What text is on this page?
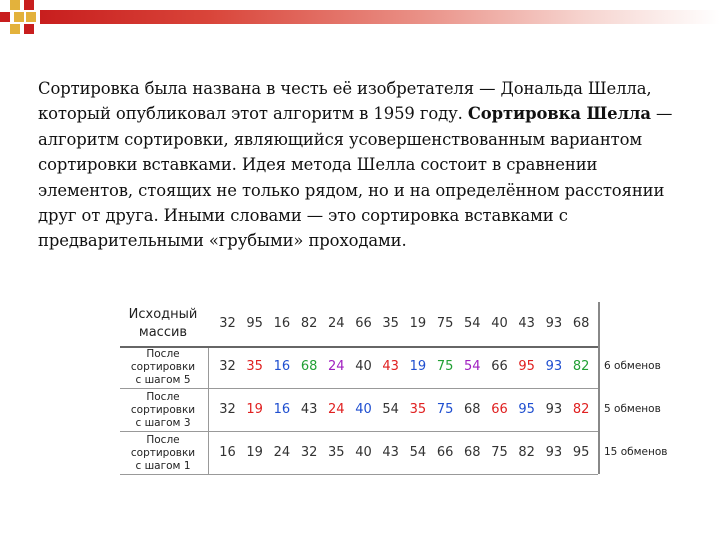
Сортировка была названа в честь её изобретателя — Дональда Шелла, который опубликовал этот алгоритм в 1959 году. Сортировка Шелла — алгоритм сортировки, являющийся усовершенствованным вариантом сортировки вставками. Идея метода Шелла состоит в сравнении элементов, стоящих не только рядом, но и на определённом расстоянии друг от друга. Иными словами — это сортировка вставками с предварительными «грубыми» проходами.

Исходный
массив
32 95 16 82 24 66 35 19 75 54 40 43 93 68
После
сортировки
с шагом 5
32 35 16 68 24 40 43 19 75 54 66 95 93 82	6 обменов
После
сортировки
с шагом 3
32 19 16 43 24 40 54 35 75 68 66 95 93 82	5 обменов
После
сортировки
с шагом 1
16 19 24 32 35 40 43 54 66 68 75 82 93 95	15 обменов
